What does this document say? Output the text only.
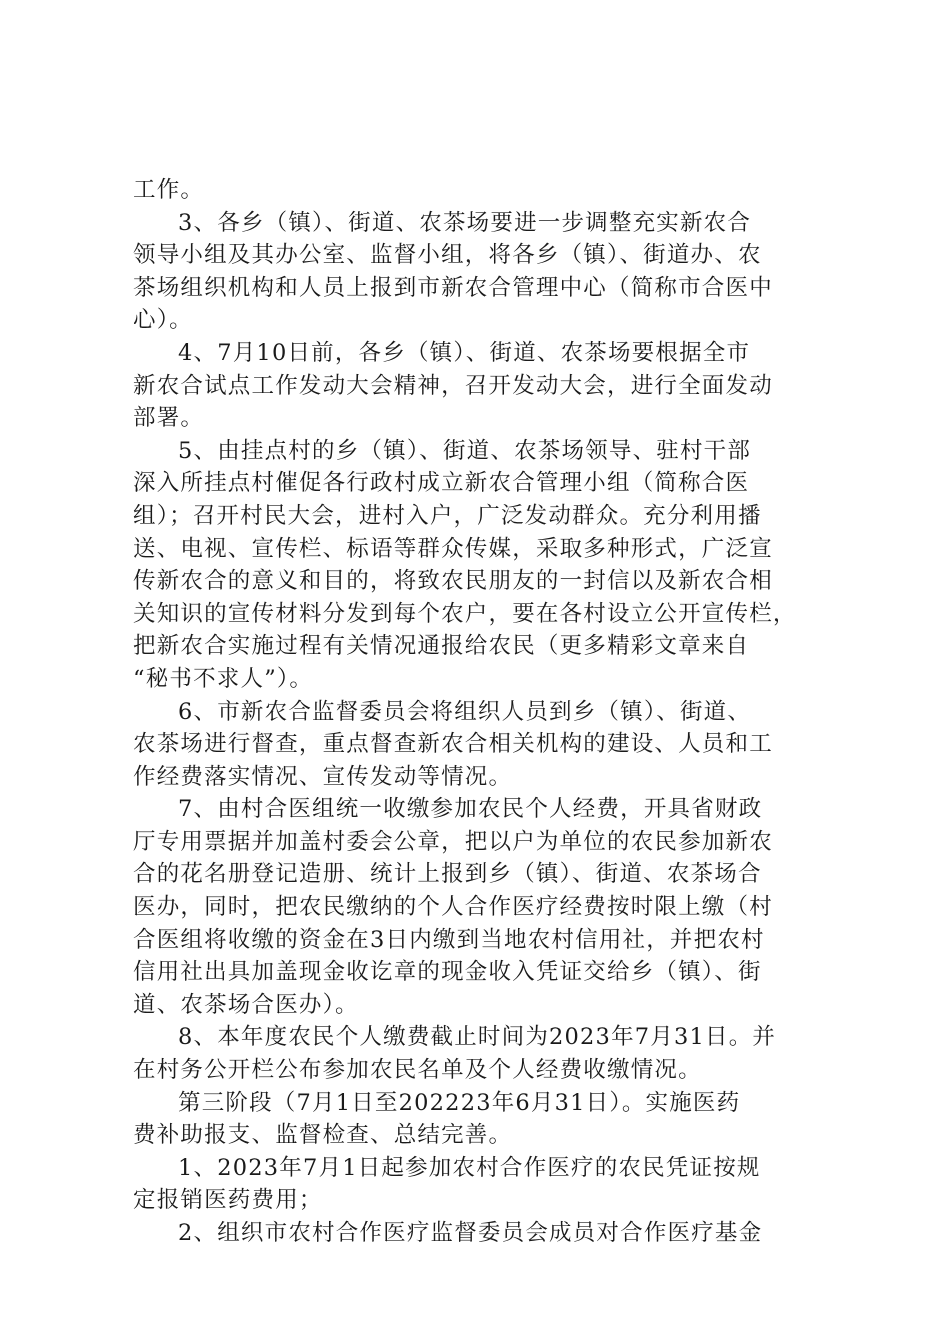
工作。
3、各乡（镇）、街道、农茶场要进一步调整充实新农合
领导小组及其办公室、监督小组，将各乡（镇）、街道办、农
茶场组织机构和人员上报到市新农合管理中心（简称市合医中
心）。
4、7月10日前，各乡（镇）、街道、农茶场要根据全市
新农合试点工作发动大会精神，召开发动大会，进行全面发动
部署。
5、由挂点村的乡（镇）、街道、农茶场领导、驻村干部
深入所挂点村催促各行政村成立新农合管理小组（简称合医
组）；召开村民大会，进村入户，广泛发动群众。充分利用播
送、电视、宣传栏、标语等群众传媒，采取多种形式，广泛宣
传新农合的意义和目的，将致农民朋友的一封信以及新农合相
关知识的宣传材料分发到每个农户，要在各村设立公开宣传栏，
把新农合实施过程有关情况通报给农民（更多精彩文章来自
“秘书不求人”）。
6、市新农合监督委员会将组织人员到乡（镇）、街道、
农茶场进行督查，重点督查新农合相关机构的建设、人员和工
作经费落实情况、宣传发动等情况。
7、由村合医组统一收缴参加农民个人经费，开具省财政
厅专用票据并加盖村委会公章，把以户为单位的农民参加新农
合的花名册登记造册、统计上报到乡（镇）、街道、农茶场合
医办，同时，把农民缴纳的个人合作医疗经费按时限上缴（村
合医组将收缴的资金在3日内缴到当地农村信用社，并把农村
信用社出具加盖现金收讫章的现金收入凭证交给乡（镇）、街
道、农茶场合医办）。
8、本年度农民个人缴费截止时间为2023年7月31日。并
在村务公开栏公布参加农民名单及个人经费收缴情况。
第三阶段（7月1日至202223年6月31日）。实施医药
费补助报支、监督检查、总结完善。
1、2023年7月1日起参加农村合作医疗的农民凭证按规
定报销医药费用；
2、组织市农村合作医疗监督委员会成员对合作医疗基金
